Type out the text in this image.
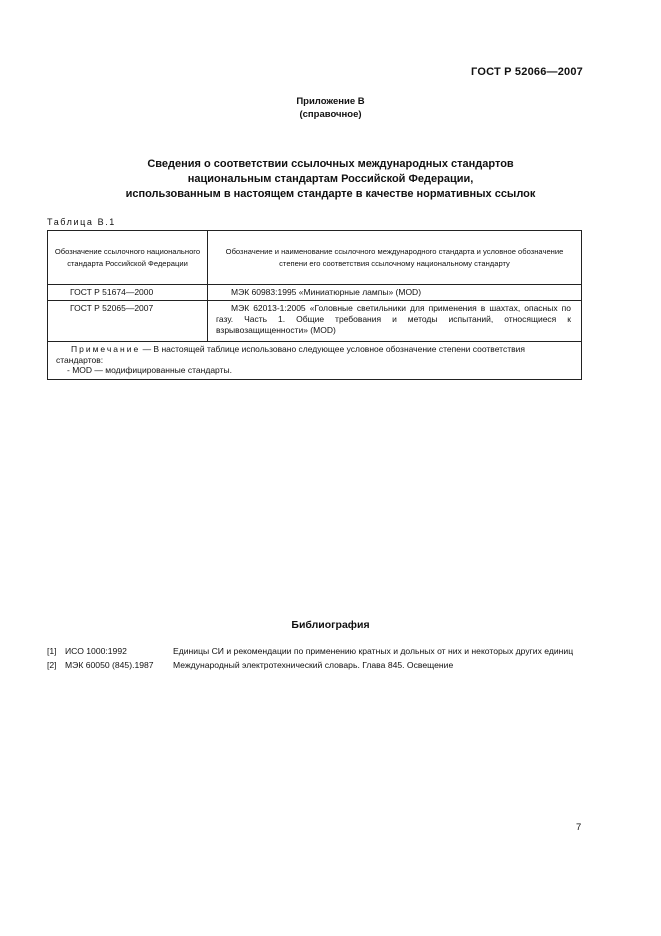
ГОСТ Р 52066—2007
Приложение В
(справочное)
Сведения о соответствии ссылочных международных стандартов
национальным стандартам Российской Федерации,
использованным в настоящем стандарте в качестве нормативных ссылок
Таблица В.1
Обозначение ссылочного национального стандарта Российской Федерации	Обозначение и наименование ссылочного международного стандарта и условное обозначение степени его соответствия ссылочному национальному стандарту
ГОСТ Р 51674—2000	МЭК 60983:1995 «Миниатюрные лампы» (MOD)
ГОСТ Р 52065—2007	МЭК 62013-1:2005 «Головные светильники для применения в шахтах, опасных по газу. Часть 1. Общие требования и методы испытаний, относящиеся к взрывозащищенности» (MOD)

Примечание — В настоящей таблице использовано следующее условное обозначение степени соответствия стандартов:
- MOD — модифицированные стандарты.	
Библиография
[1] ИСО 1000:1992	Единицы СИ и рекомендации по применению кратных и дольных от них и некоторых других единиц
[2] МЭК 60050 (845).1987	Международный электротехнический словарь. Глава 845. Освещение
7
